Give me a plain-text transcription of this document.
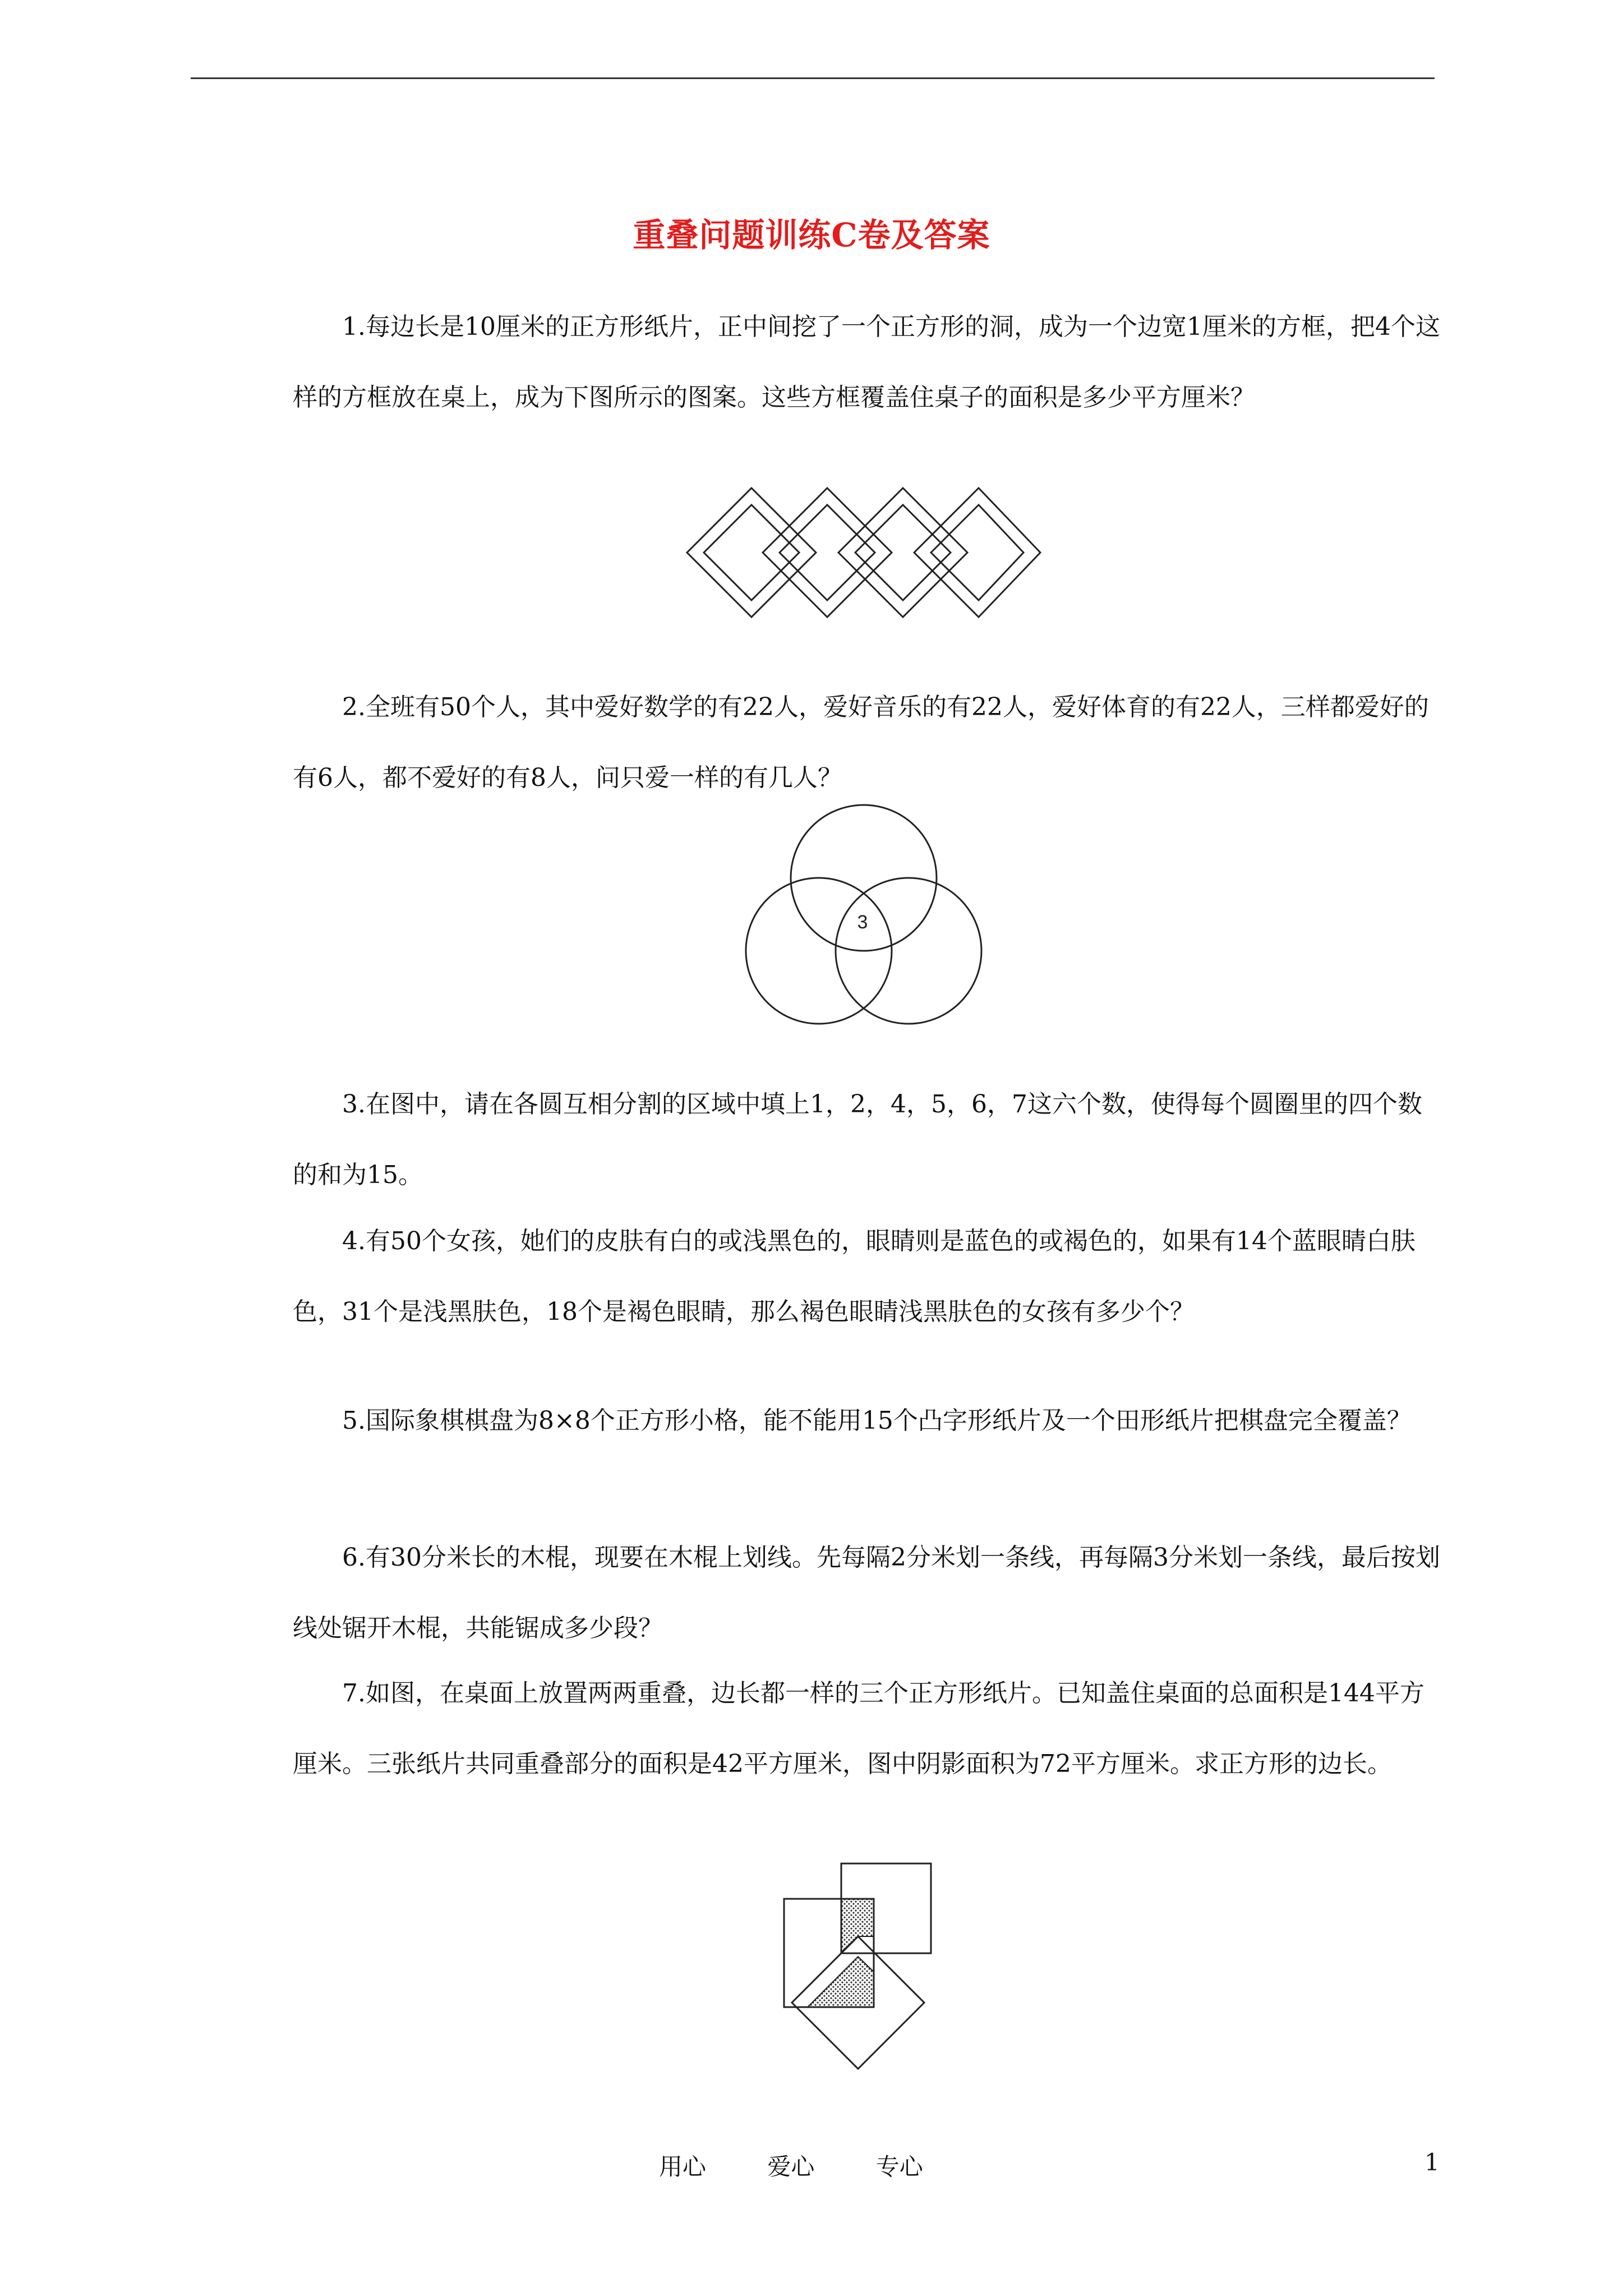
重叠问题训练C卷及答案

1.每边长是10厘米的正方形纸片，正中间挖了一个正方形的洞，成为一个边宽1厘米的方框，把4个这样的方框放在桌上，成为下图所示的图案。这些方框覆盖住桌子的面积是多少平方厘米？

2.全班有50个人，其中爱好数学的有22人，爱好音乐的有22人，爱好体育的有22人，三样都爱好的有6人，都不爱好的有8人，问只爱一样的有几人？

3

3.在图中，请在各圆互相分割的区域中填上1，2，4，5，6，7这六个数，使得每个圆圈里的四个数的和为15。

4.有50个女孩，她们的皮肤有白的或浅黑色的，眼睛则是蓝色的或褐色的，如果有14个蓝眼睛白肤色，31个是浅黑肤色，18个是褐色眼睛，那么褐色眼睛浅黑肤色的女孩有多少个？

5.国际象棋棋盘为8×8个正方形小格，能不能用15个凸字形纸片及一个田形纸片把棋盘完全覆盖？

6.有30分米长的木棍，现要在木棍上划线。先每隔2分米划一条线，再每隔3分米划一条线，最后按划线处锯开木棍，共能锯成多少段？

7.如图，在桌面上放置两两重叠，边长都一样的三个正方形纸片。已知盖住桌面的总面积是144平方厘米。三张纸片共同重叠部分的面积是42平方厘米，图中阴影面积为72平方厘米。求正方形的边长。

用心	爱心	专心	1
